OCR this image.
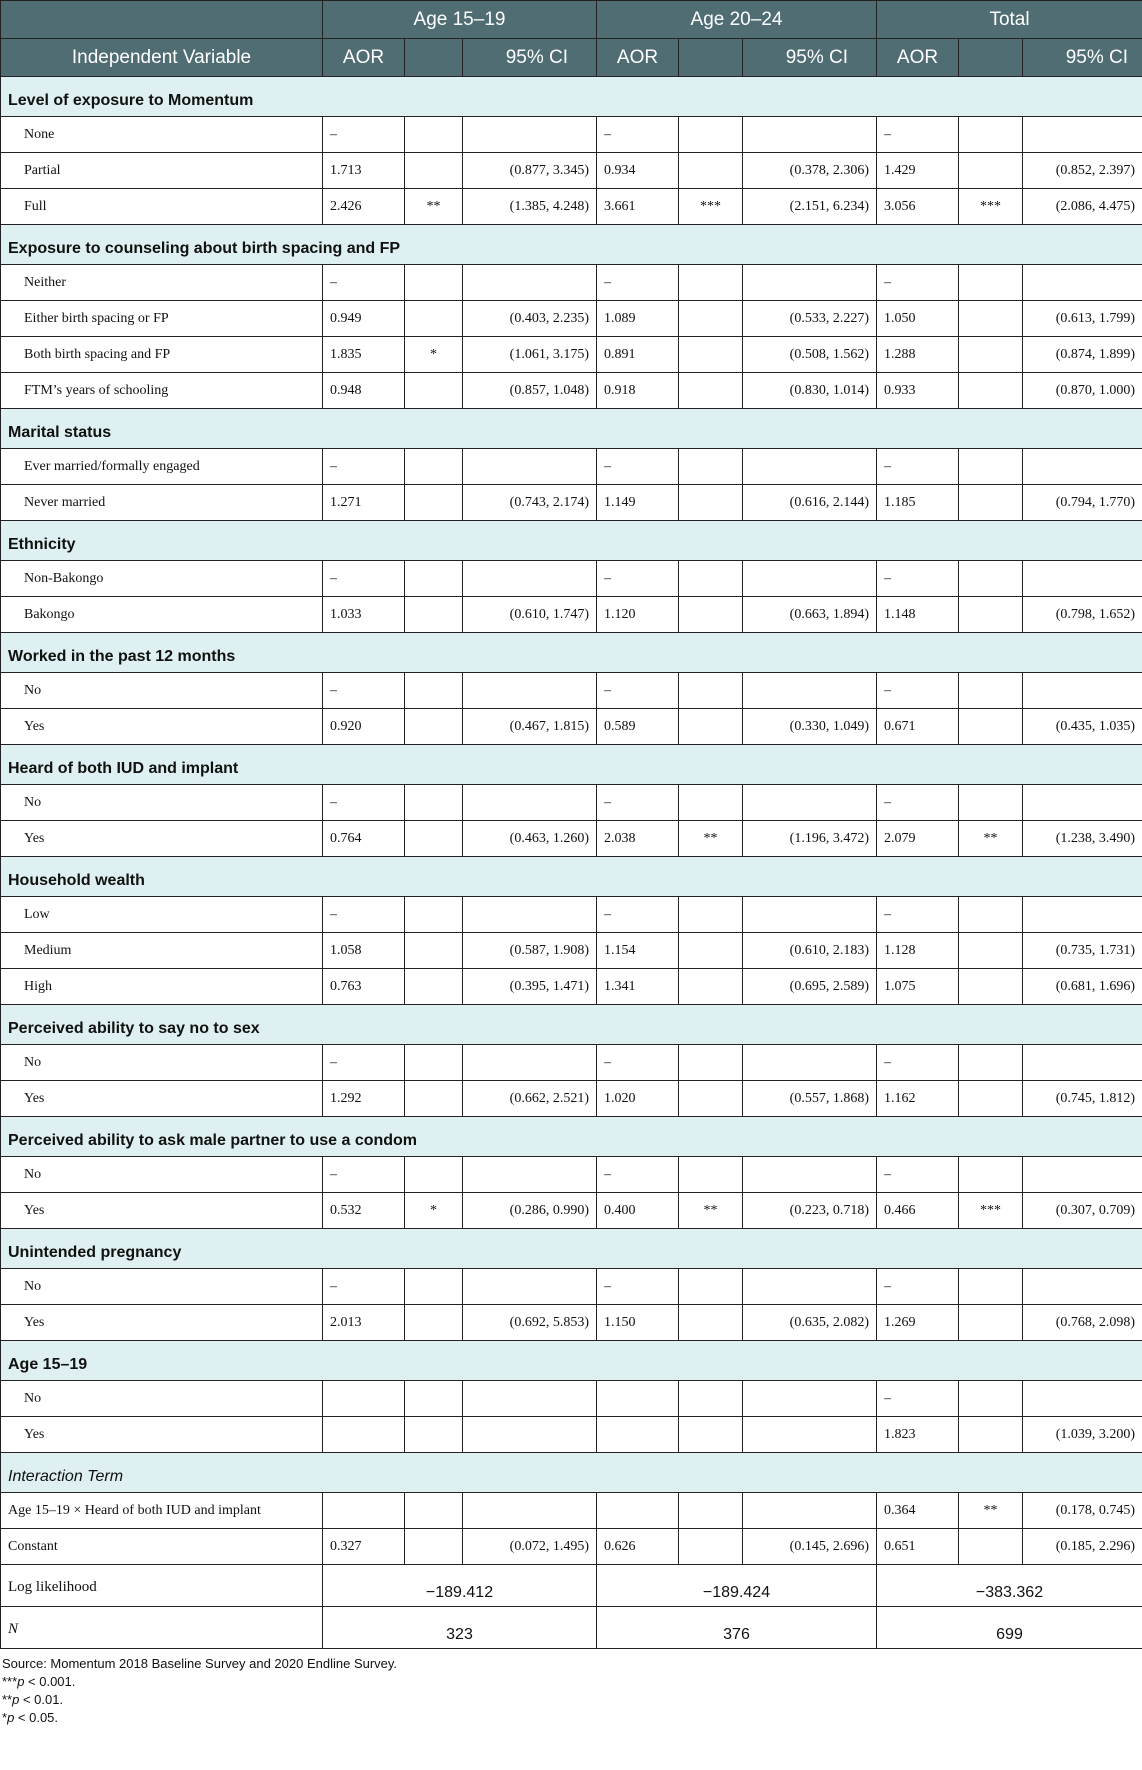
	Age 15–19			Age 20–24			Total		
Independent Variable	AOR		95% CI	AOR		95% CI	AOR		95% CI
Level of exposure to Momentum									
None	–			–			–		
Partial	1.713		(0.877, 3.345)	0.934		(0.378, 2.306)	1.429		(0.852, 2.397)
Full	2.426	**	(1.385, 4.248)	3.661	***	(2.151, 6.234)	3.056	***	(2.086, 4.475)
Exposure to counseling about birth spacing and FP									
Neither	–			–			–		
Either birth spacing or FP	0.949		(0.403, 2.235)	1.089		(0.533, 2.227)	1.050		(0.613, 1.799)
Both birth spacing and FP	1.835	*	(1.061, 3.175)	0.891		(0.508, 1.562)	1.288		(0.874, 1.899)
FTM’s years of schooling	0.948		(0.857, 1.048)	0.918		(0.830, 1.014)	0.933		(0.870, 1.000)
Marital status									
Ever married/formally engaged	–			–			–		
Never married	1.271		(0.743, 2.174)	1.149		(0.616, 2.144)	1.185		(0.794, 1.770)
Ethnicity									
Non-Bakongo	–			–			–		
Bakongo	1.033		(0.610, 1.747)	1.120		(0.663, 1.894)	1.148		(0.798, 1.652)
Worked in the past 12 months									
No	–			–			–		
Yes	0.920		(0.467, 1.815)	0.589		(0.330, 1.049)	0.671		(0.435, 1.035)
Heard of both IUD and implant									
No	–			–			–		
Yes	0.764		(0.463, 1.260)	2.038	**	(1.196, 3.472)	2.079	**	(1.238, 3.490)
Household wealth									
Low	–			–			–		
Medium	1.058		(0.587, 1.908)	1.154		(0.610, 2.183)	1.128		(0.735, 1.731)
High	0.763		(0.395, 1.471)	1.341		(0.695, 2.589)	1.075		(0.681, 1.696)
Perceived ability to say no to sex									
No	–			–			–		
Yes	1.292		(0.662, 2.521)	1.020		(0.557, 1.868)	1.162		(0.745, 1.812)
Perceived ability to ask male partner to use a condom									
No	–			–			–		
Yes	0.532	*	(0.286, 0.990)	0.400	**	(0.223, 0.718)	0.466	***	(0.307, 0.709)
Unintended pregnancy									
No	–			–			–		
Yes	2.013		(0.692, 5.853)	1.150		(0.635, 2.082)	1.269		(0.768, 2.098)
Age 15–19									
No							–		
Yes							1.823		(1.039, 3.200)
Interaction Term									
Age 15–19 × Heard of both IUD and implant							0.364	**	(0.178, 0.745)
Constant	0.327		(0.072, 1.495)	0.626		(0.145, 2.696)	0.651		(0.185, 2.296)
Log likelihood	−189.412			−189.424			−383.362		
N	323			376			699		
Source: Momentum 2018 Baseline Survey and 2020 Endline Survey.
***p < 0.001.
**p < 0.01.
*p < 0.05.
